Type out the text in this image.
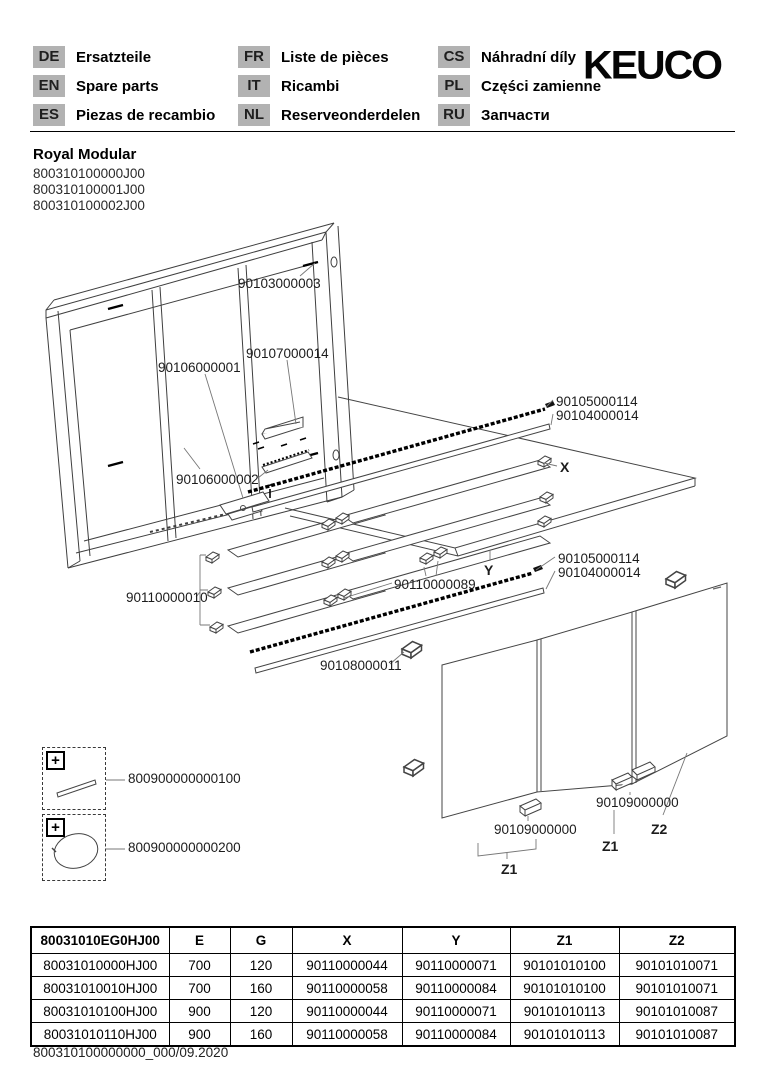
DE	Ersatzteile
EN	Spare parts
ES	Piezas de recambio
FR	Liste de pièces
IT	Ricambi
NL	Reserveonderdelen
CS	Náhradní díly
PL	Części zamienne
RU	Запчасти
KEUCO
Royal Modular
800310100000J00
800310100001J00
800310100002J00
90103000003
90107000014
90106000001
90106000002
90105000114
90104000014
X
Y
90110000089
90110000010
90105000114
90104000014
90108000011
90109000000
Z1
90109000000
Z1
Z2
800900000000100
800900000000200
+
+
80031010EG0HJ00	E	G	X	Y	Z1	Z2
80031010000HJ00	700	120	90110000044	90110000071	90101010100	90101010071
80031010010HJ00	700	160	90110000058	90110000084	90101010100	90101010071
80031010100HJ00	900	120	90110000044	90110000071	90101010113	90101010087
80031010110HJ00	900	160	90110000058	90110000084	90101010113	90101010087
800310100000000_000/09.2020
